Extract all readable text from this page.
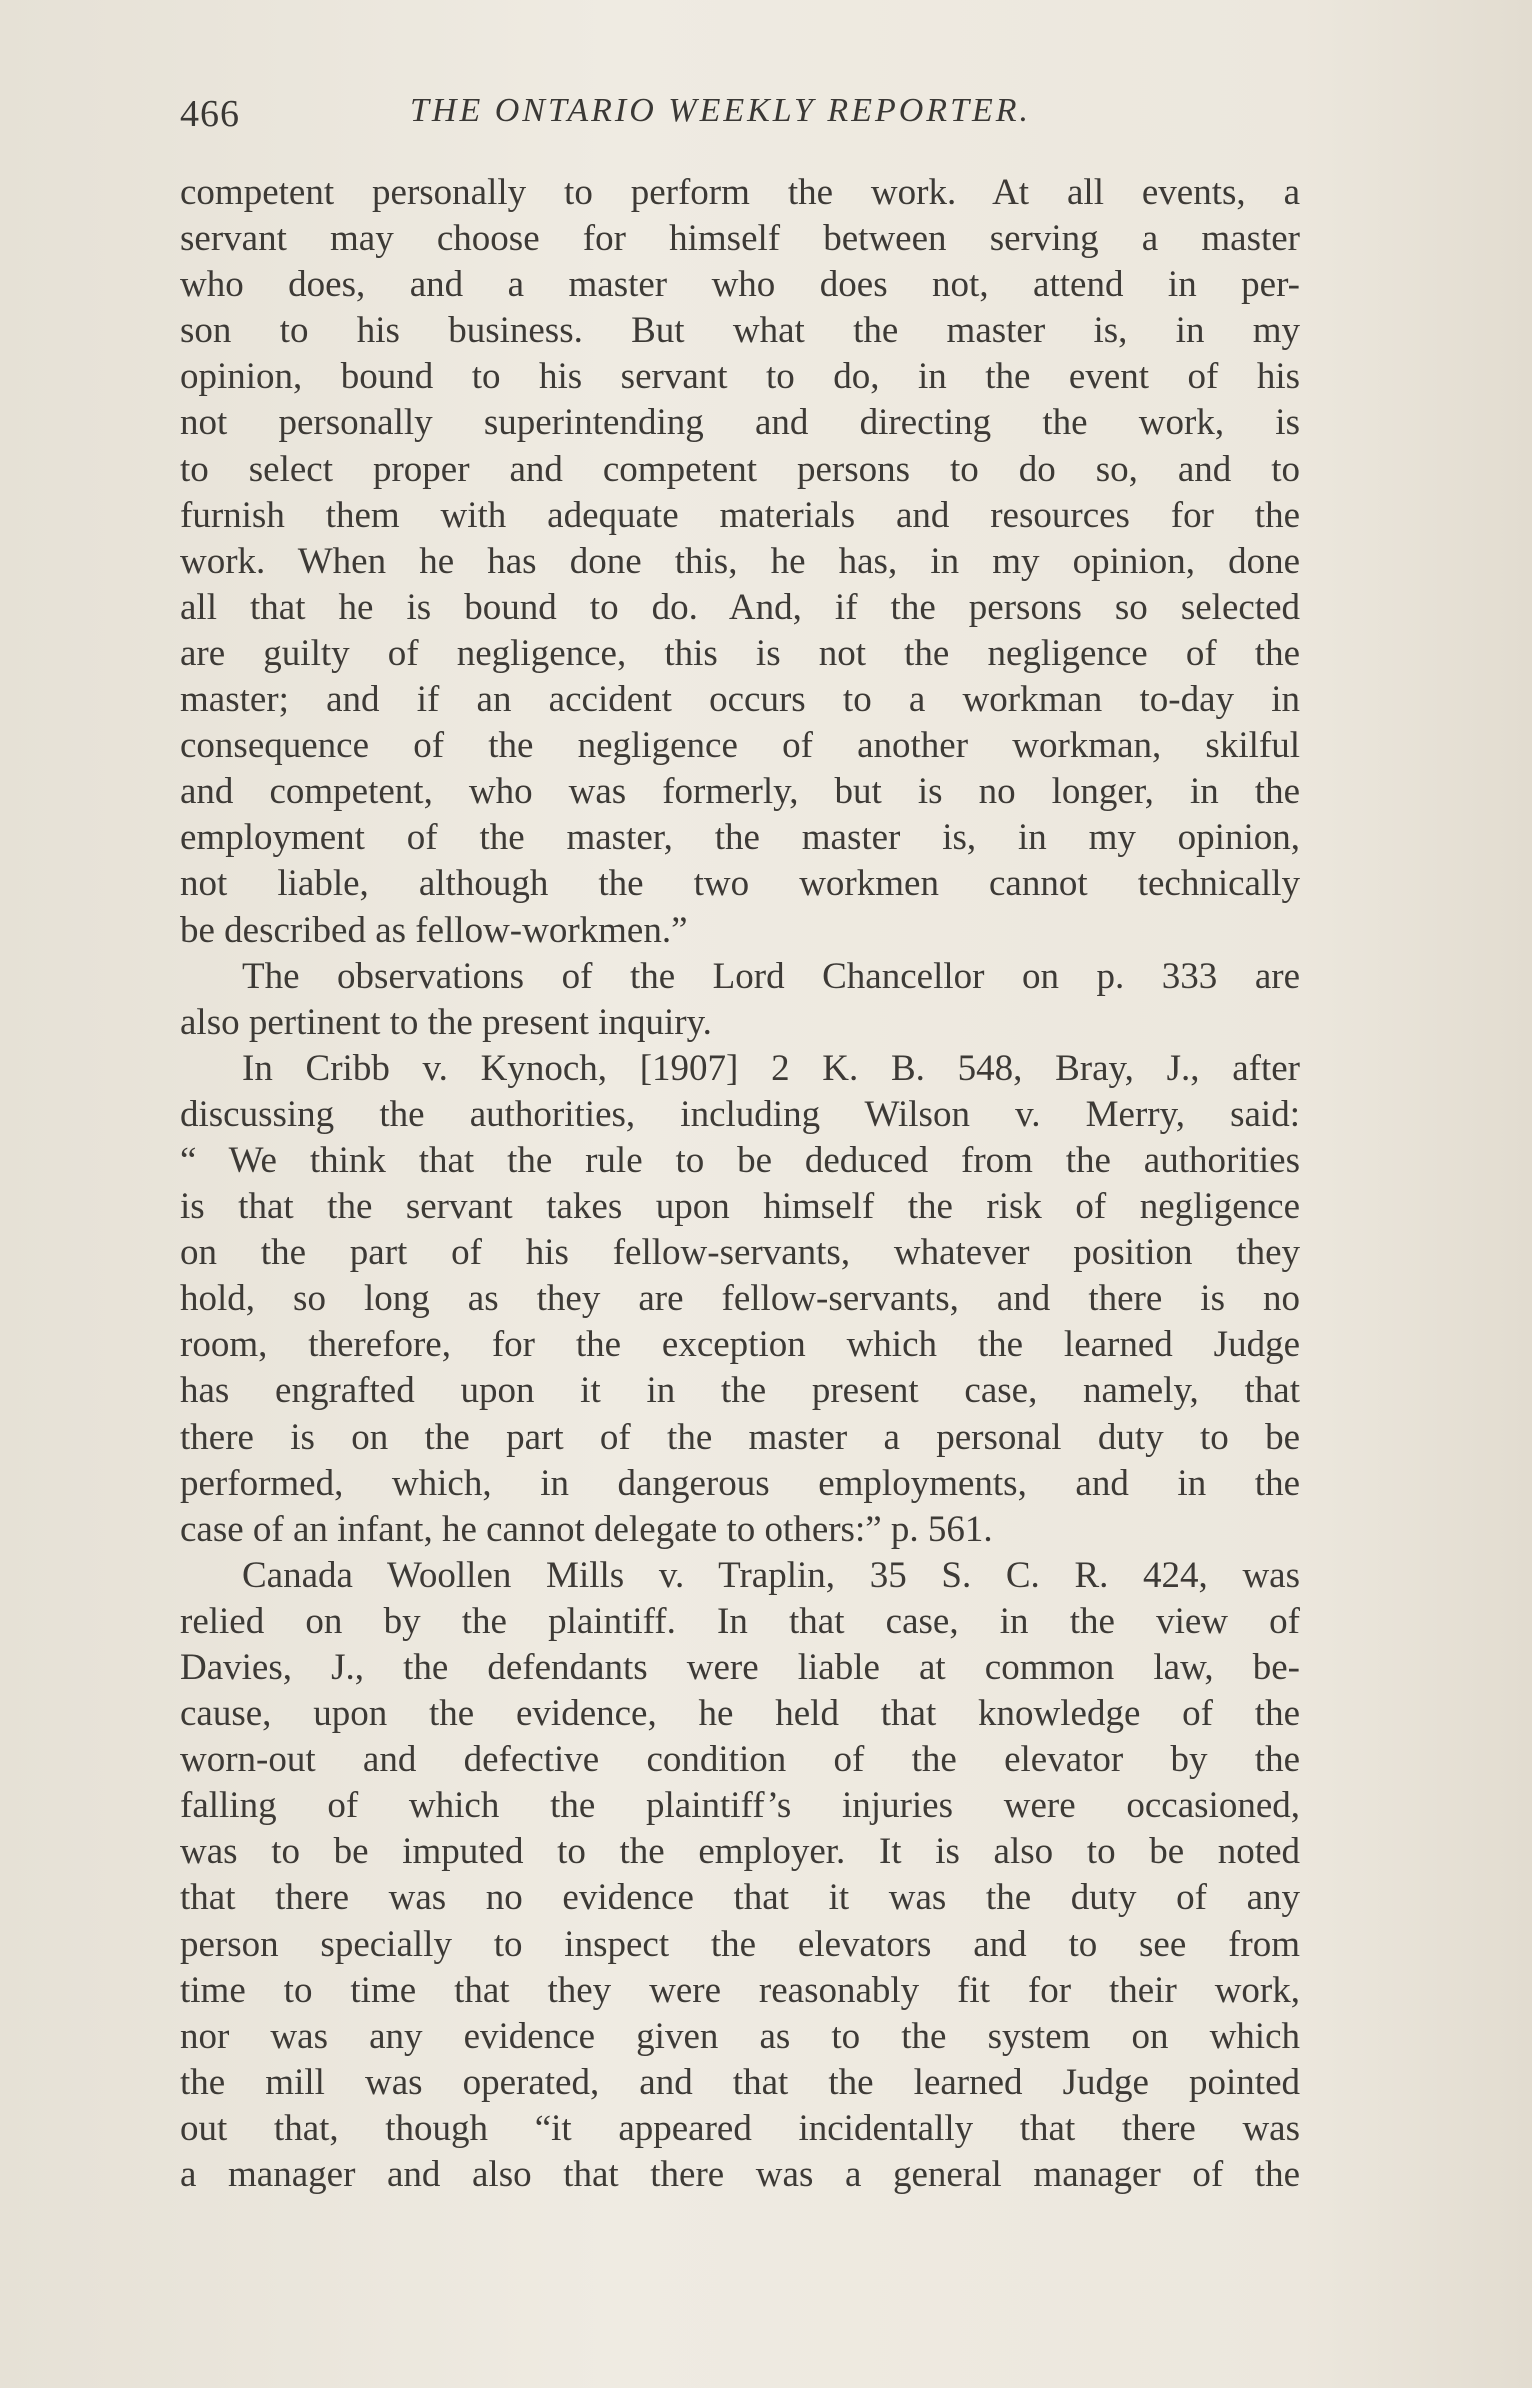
466	THE ONTARIO WEEKLY REPORTER.
competent personally to perform the work. At all events, a
servant may choose for himself between serving a master
who does, and a master who does not, attend in per-
son to his business. But what the master is, in my
opinion, bound to his servant to do, in the event of his
not personally superintending and directing the work, is
to select proper and competent persons to do so, and to
furnish them with adequate materials and resources for the
work. When he has done this, he has, in my opinion, done
all that he is bound to do. And, if the persons so selected
are guilty of negligence, this is not the negligence of the
master; and if an accident occurs to a workman to-day in
consequence of the negligence of another workman, skilful
and competent, who was formerly, but is no longer, in the
employment of the master, the master is, in my opinion,
not liable, although the two workmen cannot technically
be described as fellow-workmen.”
The observations of the Lord Chancellor on p. 333 are
also pertinent to the present inquiry.
In Cribb v. Kynoch, [1907] 2 K. B. 548, Bray, J., after
discussing the authorities, including Wilson v. Merry, said:
“ We think that the rule to be deduced from the authorities
is that the servant takes upon himself the risk of negligence
on the part of his fellow-servants, whatever position they
hold, so long as they are fellow-servants, and there is no
room, therefore, for the exception which the learned Judge
has engrafted upon it in the present case, namely, that
there is on the part of the master a personal duty to be
performed, which, in dangerous employments, and in the
case of an infant, he cannot delegate to others:” p. 561.
Canada Woollen Mills v. Traplin, 35 S. C. R. 424, was
relied on by the plaintiff. In that case, in the view of
Davies, J., the defendants were liable at common law, be-
cause, upon the evidence, he held that knowledge of the
worn-out and defective condition of the elevator by the
falling of which the plaintiff’s injuries were occasioned,
was to be imputed to the employer. It is also to be noted
that there was no evidence that it was the duty of any
person specially to inspect the elevators and to see from
time to time that they were reasonably fit for their work,
nor was any evidence given as to the system on which
the mill was operated, and that the learned Judge pointed
out that, though “it appeared incidentally that there was
a manager and also that there was a general manager of the
